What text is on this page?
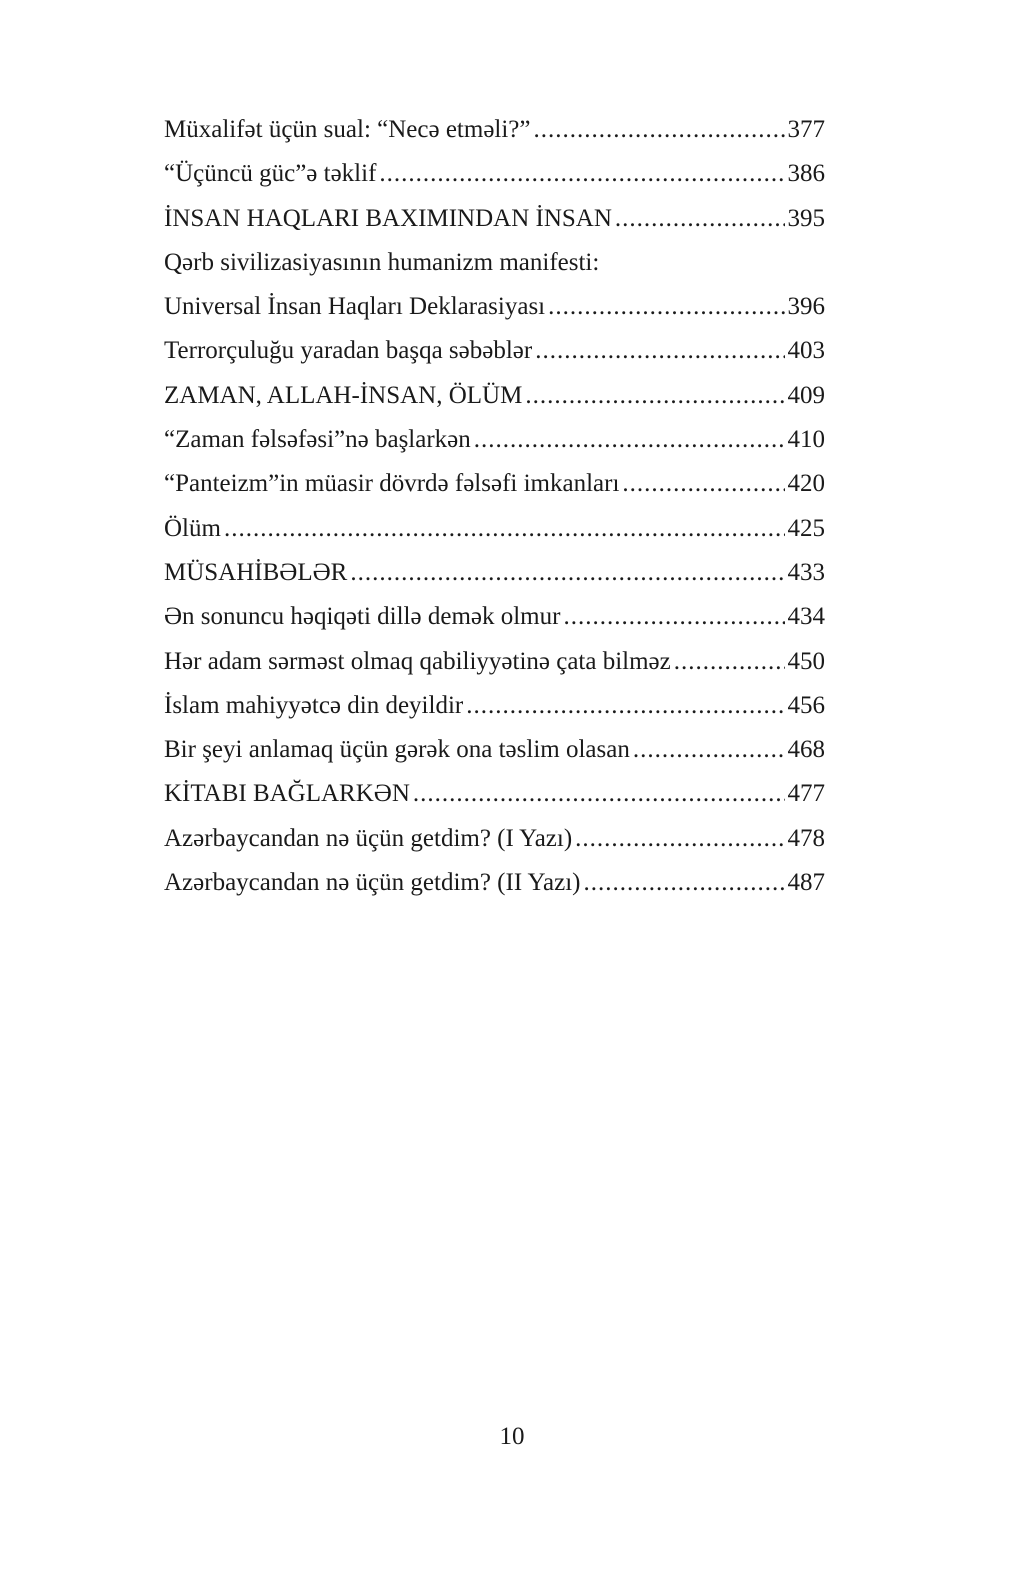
Müxalifət üçün sual: “Necə etməli?” .....	377
“Üçüncü güc”ə təklif .....	386
İNSAN HAQLARI BAXIMINDAN İNSAN .....	395
Qərb sivilizasiyasının humanizm manifesti:
Universal İnsan Haqları Deklarasiyası .....	396
Terrorçuluğu yaradan başqa səbəblər .....	403
ZAMAN, ALLAH-İNSAN, ÖLÜM .....	409
“Zaman fəlsəfəsi”nə başlarkən .....	410
“Panteizm”in müasir dövrdə fəlsəfi imkanları .....	420
Ölüm .....	425
MÜSAHİBƏLƏR .....	433
Ən sonuncu həqiqəti dillə demək olmur .....	434
Hər adam sərməst olmaq qabiliyyətinə çata bilməz .....	450
İslam mahiyyətcə din deyildir .....	456
Bir şeyi anlamaq üçün gərək ona təslim olasan .....	468
KİTABI BAĞLARKƏN .....	477
Azərbaycandan nə üçün getdim? (I Yazı) .....	478
Azərbaycandan nə üçün getdim? (II Yazı) .....	487
10
